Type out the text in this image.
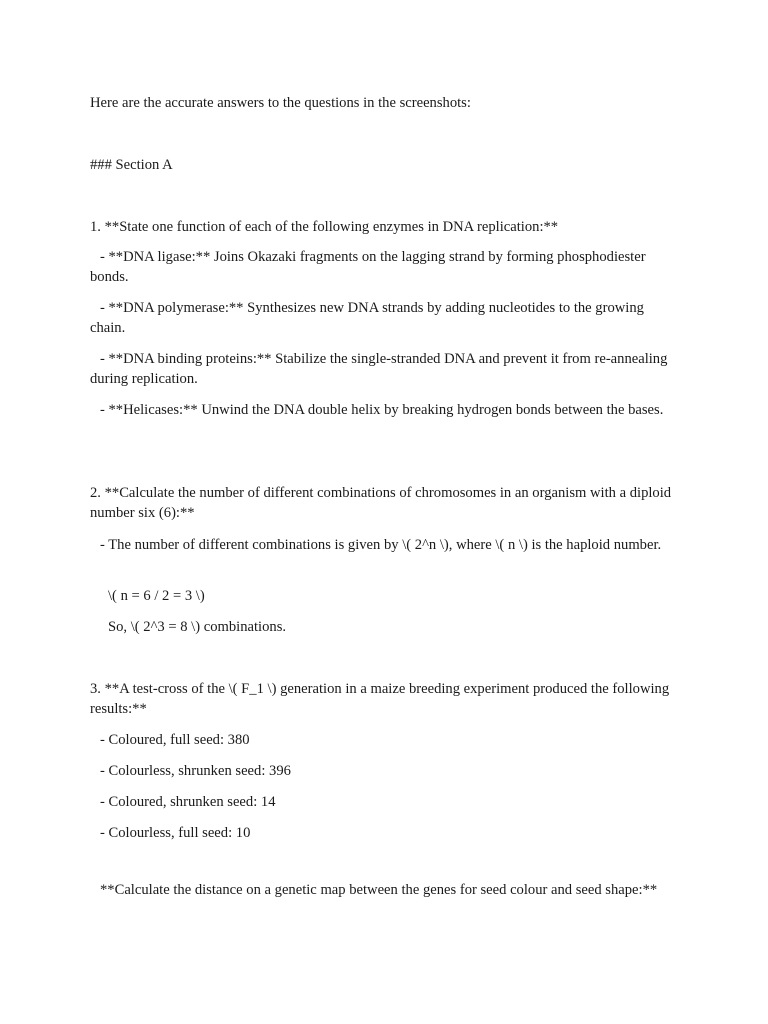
Here are the accurate answers to the questions in the screenshots:

### Section A

1. **State one function of each of the following enzymes in DNA replication:**

- **DNA ligase:** Joins Okazaki fragments on the lagging strand by forming phosphodiester bonds.

- **DNA polymerase:** Synthesizes new DNA strands by adding nucleotides to the growing chain.

- **DNA binding proteins:** Stabilize the single-stranded DNA and prevent it from re-annealing during replication.

- **Helicases:** Unwind the DNA double helix by breaking hydrogen bonds between the bases.

2. **Calculate the number of different combinations of chromosomes in an organism with a diploid number six (6):**

- The number of different combinations is given by \( 2^n \), where \( n \) is the haploid number.

\( n = 6 / 2 = 3 \)

So, \( 2^3 = 8 \) combinations.

3. **A test-cross of the \( F_1 \) generation in a maize breeding experiment produced the following results:**

- Coloured, full seed: 380

- Colourless, shrunken seed: 396

- Coloured, shrunken seed: 14

- Colourless, full seed: 10

**Calculate the distance on a genetic map between the genes for seed colour and seed shape:**
